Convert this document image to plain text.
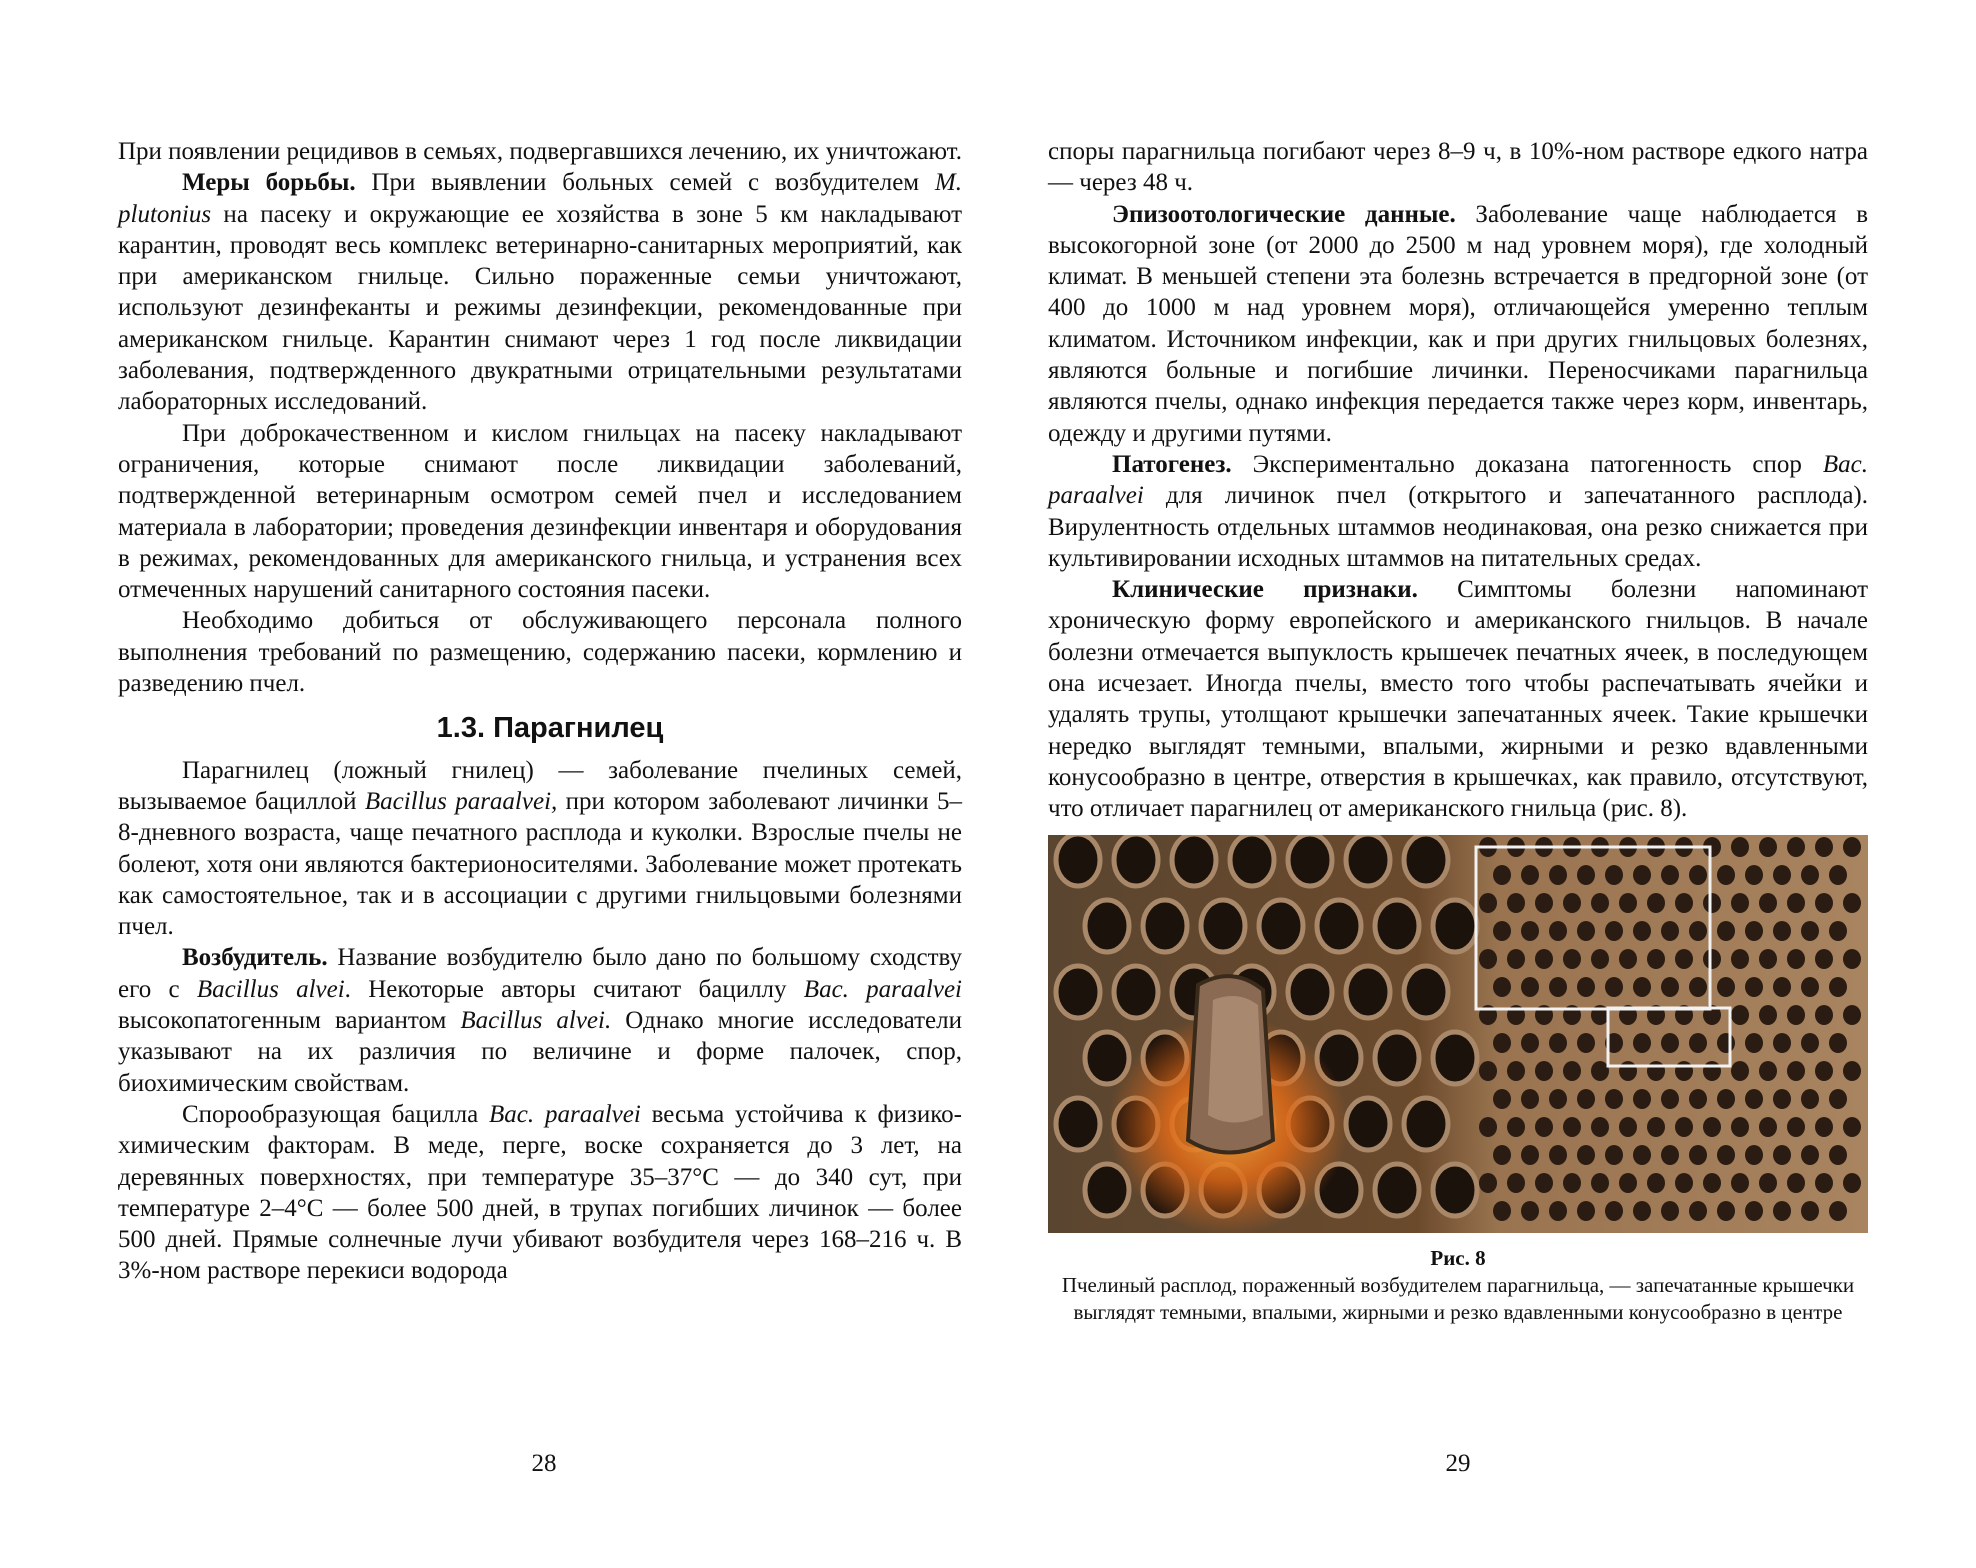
При появлении рецидивов в семьях, подвергавшихся лечению, их уничтожают.

Меры борьбы. При выявлении больных семей с возбудителем M. plutonius на пасеку и окружающие ее хозяйства в зоне 5 км накладывают карантин, проводят весь комплекс ветеринарно-санитарных мероприятий, как при американском гнильце. Сильно пораженные семьи уничтожают, используют дезинфеканты и режимы дезинфекции, рекомендованные при американском гнильце. Карантин снимают через 1 год после ликвидации заболевания, подтвержденного двукратными отрицательными результатами лабораторных исследований.

При доброкачественном и кислом гнильцах на пасеку накладывают ограничения, которые снимают после ликвидации заболеваний, подтвержденной ветеринарным осмотром семей пчел и исследованием материала в лаборатории; проведения дезинфекции инвентаря и оборудования в режимах, рекомендованных для американского гнильца, и устранения всех отмеченных нарушений санитарного состояния пасеки.

Необходимо добиться от обслуживающего персонала полного выполнения требований по размещению, содержанию пасеки, кормлению и разведению пчел.

1.3. Парагнилец

Парагнилец (ложный гнилец) — заболевание пчелиных семей, вызываемое бациллой Bacillus paraalvei, при котором заболевают личинки 5–8-дневного возраста, чаще печатного расплода и куколки. Взрослые пчелы не болеют, хотя они являются бактерионосителями. Заболевание может протекать как самостоятельное, так и в ассоциации с другими гнильцовыми болезнями пчел.

Возбудитель. Название возбудителю было дано по большому сходству его с Bacillus alvei. Некоторые авторы считают бациллу Bac. paraalvei высокопатогенным вариантом Bacillus alvei. Однако многие исследователи указывают на их различия по величине и форме палочек, спор, биохимическим свойствам.

Спорообразующая бацилла Bac. paraalvei весьма устойчива к физико-химическим факторам. В меде, перге, воске сохраняется до 3 лет, на деревянных поверхностях, при температуре 35–37°С — до 340 сут, при температуре 2–4°С — более 500 дней, в трупах погибших личинок — более 500 дней. Прямые солнечные лучи убивают возбудителя через 168–216 ч. В 3%-ном растворе перекиси водорода

28

споры парагнильца погибают через 8–9 ч, в 10%-ном растворе едкого натра — через 48 ч.

Эпизоотологические данные. Заболевание чаще наблюдается в высокогорной зоне (от 2000 до 2500 м над уровнем моря), где холодный климат. В меньшей степени эта болезнь встречается в предгорной зоне (от 400 до 1000 м над уровнем моря), отличающейся умеренно теплым климатом. Источником инфекции, как и при других гнильцовых болезнях, являются больные и погибшие личинки. Переносчиками парагнильца являются пчелы, однако инфекция передается также через корм, инвентарь, одежду и другими путями.

Патогенез. Экспериментально доказана патогенность спор Bac. paraalvei для личинок пчел (открытого и запечатанного расплода). Вирулентность отдельных штаммов неодинаковая, она резко снижается при культивировании исходных штаммов на питательных средах.

Клинические признаки. Симптомы болезни напоминают хроническую форму европейского и американского гнильцов. В начале болезни отмечается выпуклость крышечек печатных ячеек, в последующем она исчезает. Иногда пчелы, вместо того чтобы распечатывать ячейки и удалять трупы, утолщают крышечки запечатанных ячеек. Такие крышечки нередко выглядят темными, впалыми, жирными и резко вдавленными конусообразно в центре, отверстия в крышечках, как правило, отсутствуют, что отличает парагнилец от американского гнильца (рис. 8).

Рис. 8
Пчелиный расплод, пораженный возбудителем парагнильца, — запечатанные крышечки выглядят темными, впалыми, жирными и резко вдавленными конусообразно в центре
29
